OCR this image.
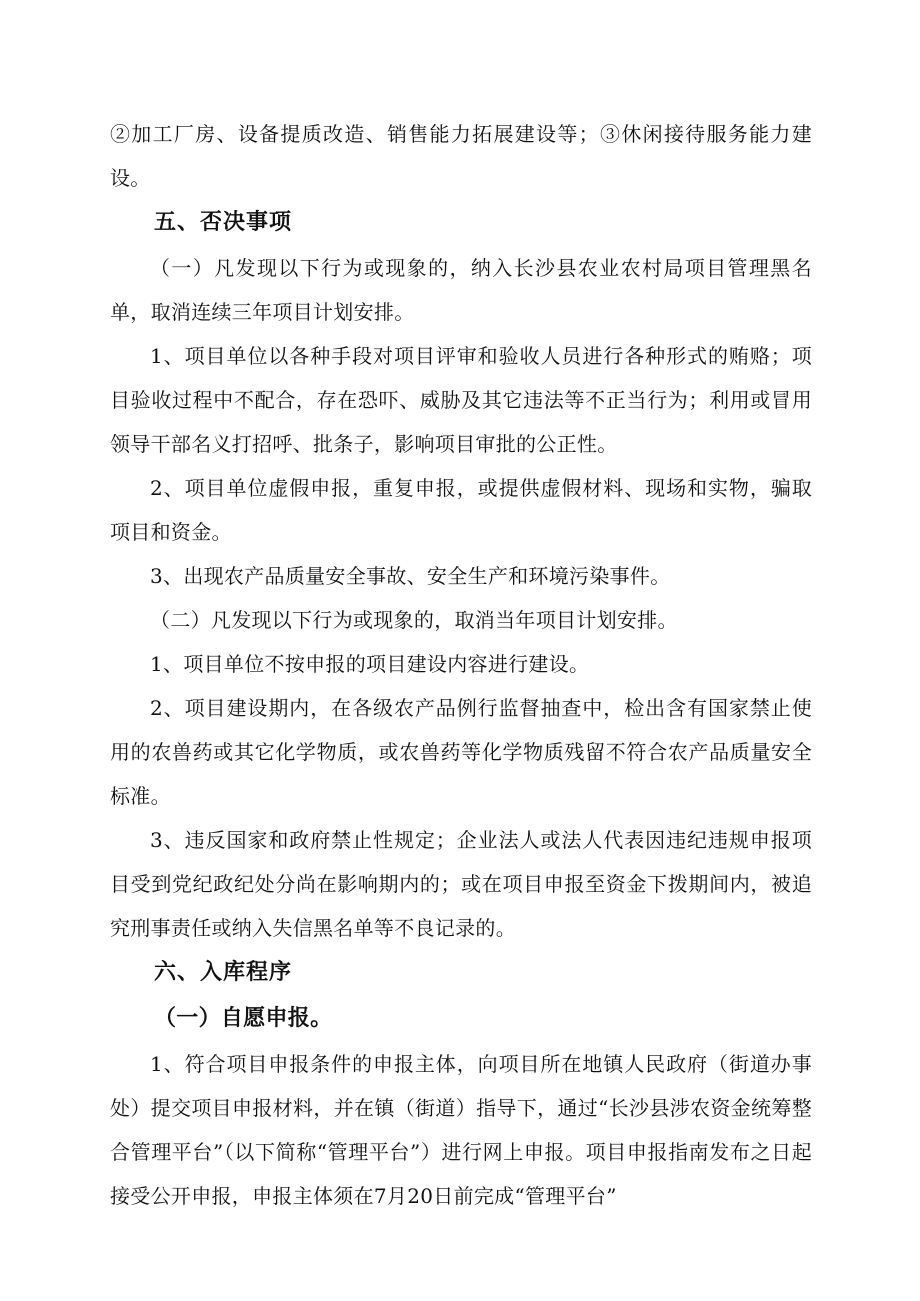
②加工厂房、设备提质改造、销售能力拓展建设等；③休闲接待服务能力建设。

五、否决事项

（一）凡发现以下行为或现象的，纳入长沙县农业农村局项目管理黑名单，取消连续三年项目计划安排。

1、项目单位以各种手段对项目评审和验收人员进行各种形式的贿赂；项目验收过程中不配合，存在恐吓、威胁及其它违法等不正当行为；利用或冒用领导干部名义打招呼、批条子，影响项目审批的公正性。

2、项目单位虚假申报，重复申报，或提供虚假材料、现场和实物，骗取项目和资金。

3、出现农产品质量安全事故、安全生产和环境污染事件。

（二）凡发现以下行为或现象的，取消当年项目计划安排。

1、项目单位不按申报的项目建设内容进行建设。

2、项目建设期内，在各级农产品例行监督抽查中，检出含有国家禁止使用的农兽药或其它化学物质，或农兽药等化学物质残留不符合农产品质量安全标准。

3、违反国家和政府禁止性规定；企业法人或法人代表因违纪违规申报项目受到党纪政纪处分尚在影响期内的；或在项目申报至资金下拨期间内，被追究刑事责任或纳入失信黑名单等不良记录的。

六、入库程序

（一）自愿申报。

1、符合项目申报条件的申报主体，向项目所在地镇人民政府（街道办事处）提交项目申报材料，并在镇（街道）指导下，通过“长沙县涉农资金统筹整合管理平台”（以下简称“管理平台”）进行网上申报。项目申报指南发布之日起接受公开申报，申报主体须在7月20日前完成“管理平台”
